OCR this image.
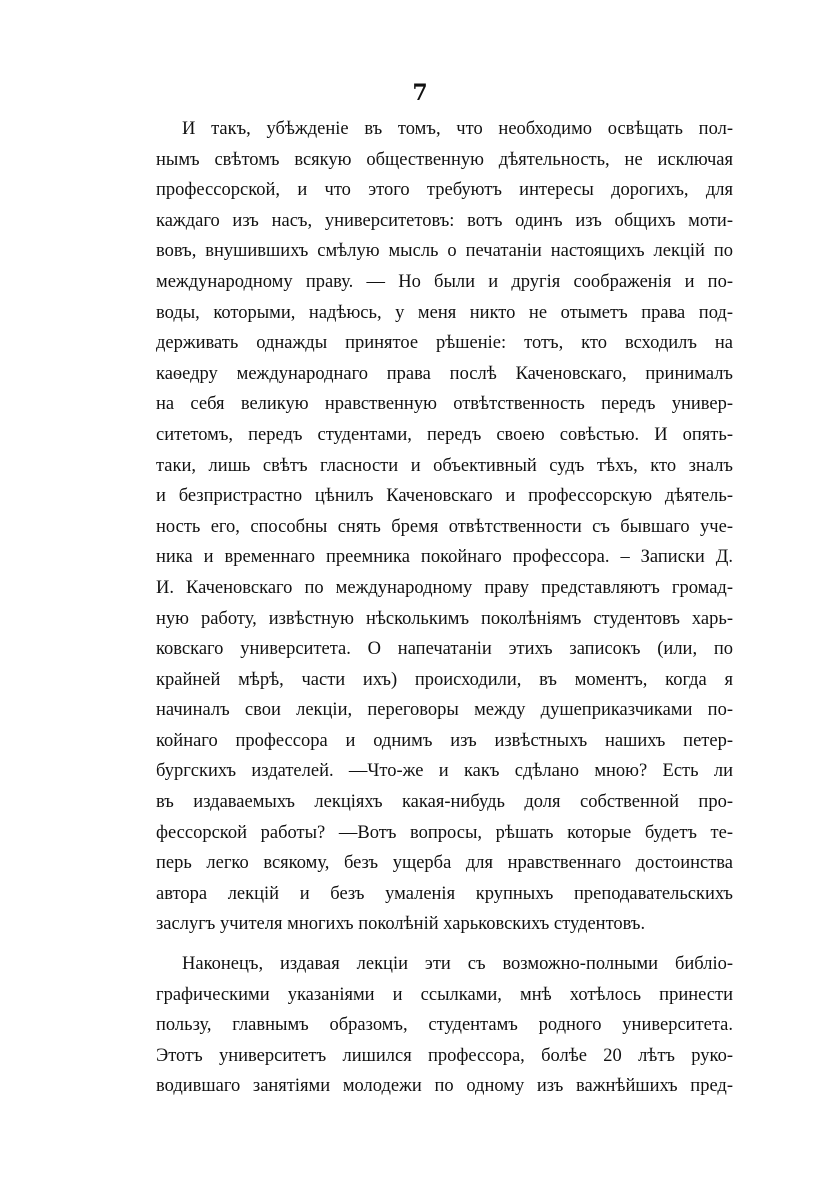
7
И такъ, убѣжденіе въ томъ, что необходимо освѣщать пол-
нымъ свѣтомъ всякую общественную дѣятельность, не исключая
профессорской, и что этого требуютъ интересы дорогихъ, для
каждаго изъ насъ, университетовъ: вотъ одинъ изъ общихъ моти-
вовъ, внушившихъ смѣлую мысль о печатаніи настоящихъ лекцій по
международному праву. — Но были и другія соображенія и по-
воды, которыми, надѣюсь, у меня никто не отыметъ права под-
держивать однажды принятое рѣшеніе: тотъ, кто всходилъ на
каѳедру международнаго права послѣ Каченовскаго, принималъ
на себя великую нравственную отвѣтственность передъ универ-
ситетомъ, передъ студентами, передъ своею совѣстью. И опять-
таки, лишь свѣтъ гласности и объективный судъ тѣхъ, кто зналъ
и безпристрастно цѣнилъ Каченовскаго и профессорскую дѣятель-
ность его, способны снять бремя отвѣтственности съ бывшаго уче-
ника и временнаго преемника покойнаго профессора. – Записки Д.
И. Каченовскаго по международному праву представляютъ громад-
ную работу, извѣстную нѣсколькимъ поколѣніямъ студентовъ харь-
ковскаго университета. О напечатаніи этихъ записокъ (или, по
крайней мѣрѣ, части ихъ) происходили, въ моментъ, когда я
начиналъ свои лекціи, переговоры между душеприказчиками по-
койнаго профессора и однимъ изъ извѣстныхъ нашихъ петер-
бургскихъ издателей. —Что-же и какъ сдѣлано мною? Есть ли
въ издаваемыхъ лекціяхъ какая-нибудь доля собственной про-
фессорской работы? —Вотъ вопросы, рѣшать которые будетъ те-
перь легко всякому, безъ ущерба для нравственнаго достоинства
автора лекцій и безъ умаленія крупныхъ преподавательскихъ
заслугъ учителя многихъ поколѣній харьковскихъ студентовъ.
Наконецъ, издавая лекціи эти съ возможно-полными библіо-
графическими указаніями и ссылками, мнѣ хотѣлось принести
пользу, главнымъ образомъ, студентамъ родного университета.
Этотъ университетъ лишился профессора, болѣе 20 лѣтъ руко-
водившаго занятіями молодежи по одному изъ важнѣйшихъ пред-
